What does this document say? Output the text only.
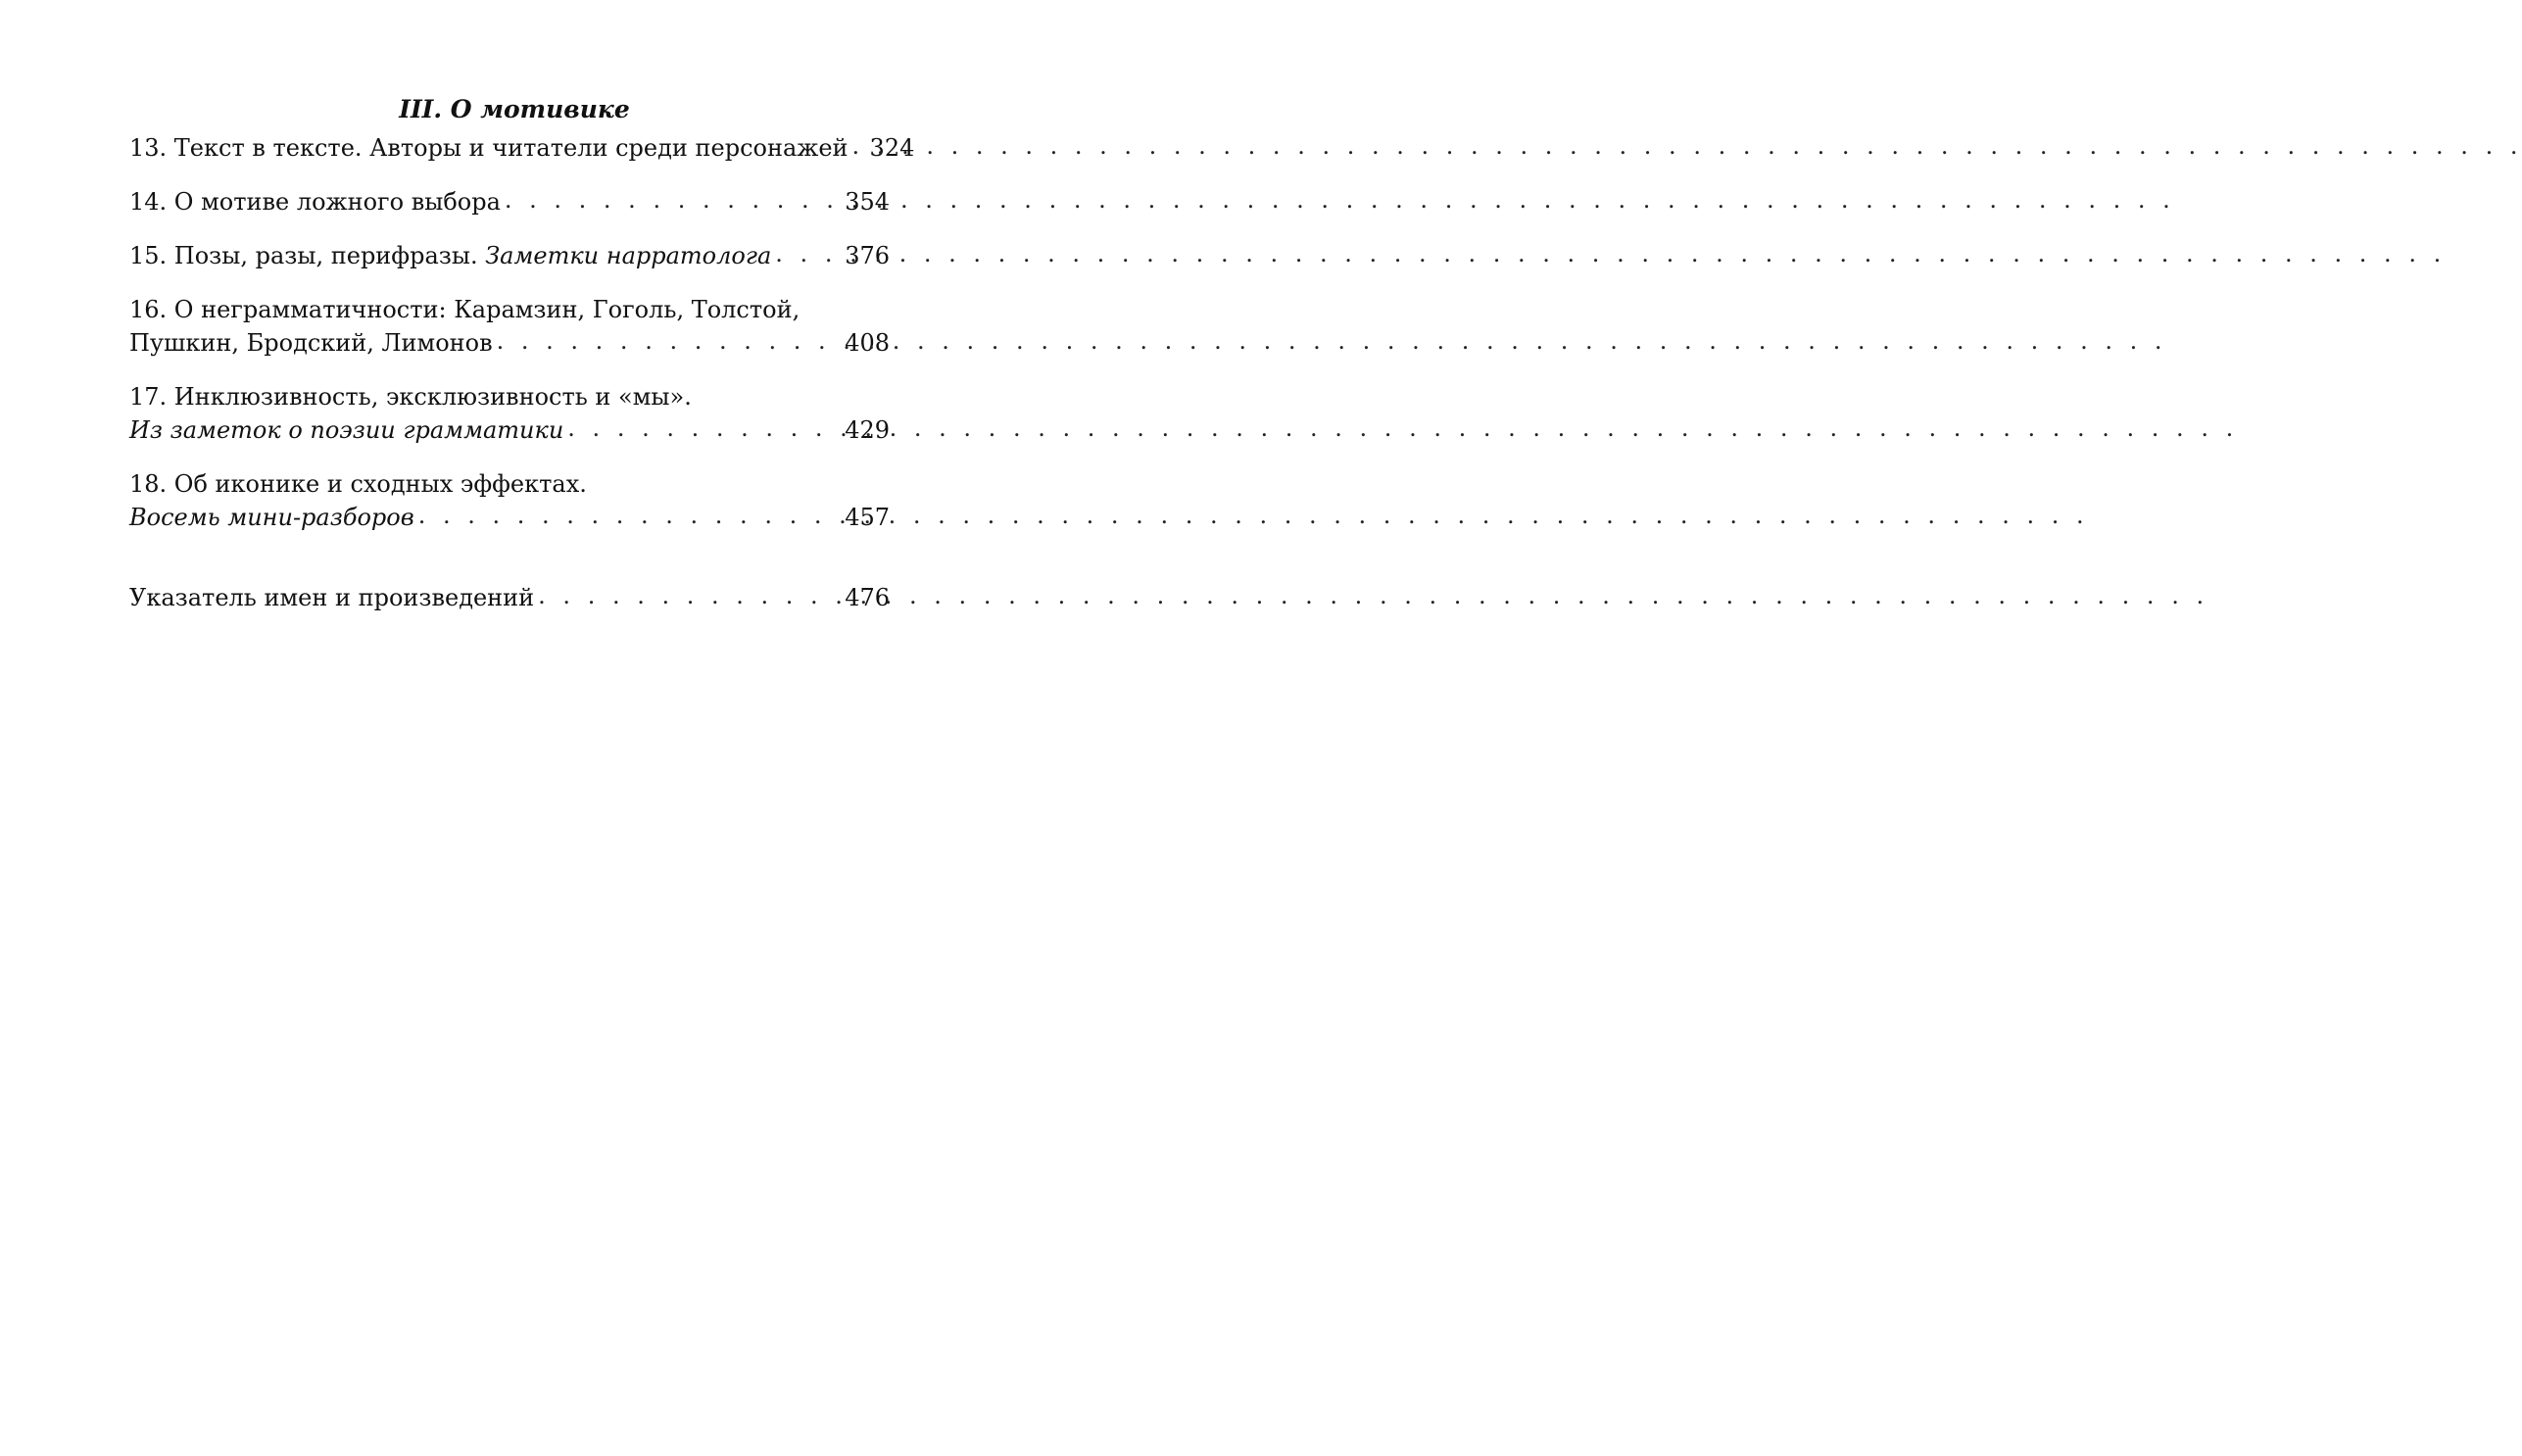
III. О мотивике
13. Текст в тексте. Авторы и читатели среди персонажей . . . 324
14. О мотиве ложного выбора . . .	354
15. Позы, разы, перифразы. Заметки нарратолога . . .	376
16. О неграмматичности: Карамзин, Гоголь, Толстой,
Пушкин, Бродский, Лимонов . . .	408
17. Инклюзивность, эксклюзивность и «мы».
Из заметок о поэзии грамматики . . .	429
18. Об иконике и сходных эффектах.
Восемь мини-разборов . . .	457
Указатель имен и произведений . . .	476
